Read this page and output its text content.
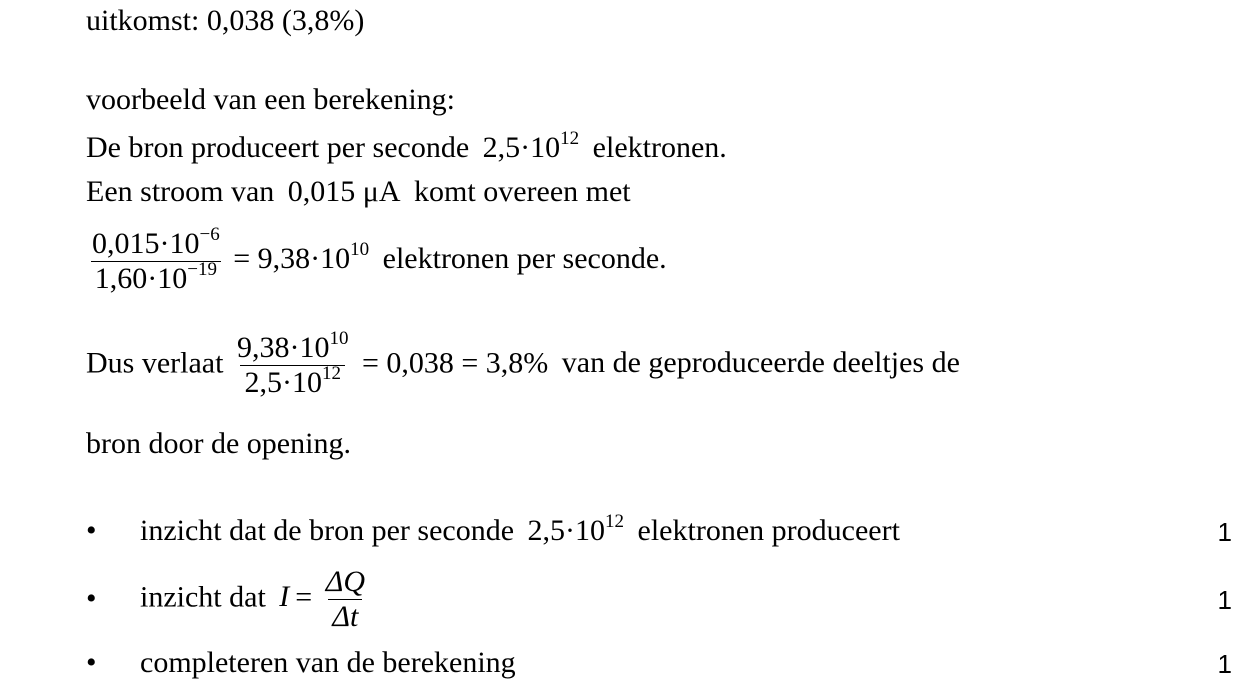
uitkomst: 0,038 (3,8%)
voorbeeld van een berekening:
De bron produceert per seconde $2,5\cdot 10^{12}$ elektronen.
Een stroom van 0,015 μA komt overeen met
$\frac{0,015\cdot 10^{-6}}{1,60\cdot 10^{-19}} = 9,38\cdot 10^{10}$ elektronen per seconde.
Dus verlaat $\frac{9,38\cdot 10^{10}}{2,5\cdot 10^{12}} = 0,038 = 3,8\%$ van de geproduceerde deeltjes de
bron door de opening.
• inzicht dat de bron per seconde $2,5\cdot 10^{12}$ elektronen produceert	1
• inzicht dat $I = \frac{\Delta Q}{\Delta t}$	1
• completeren van de berekening	1
